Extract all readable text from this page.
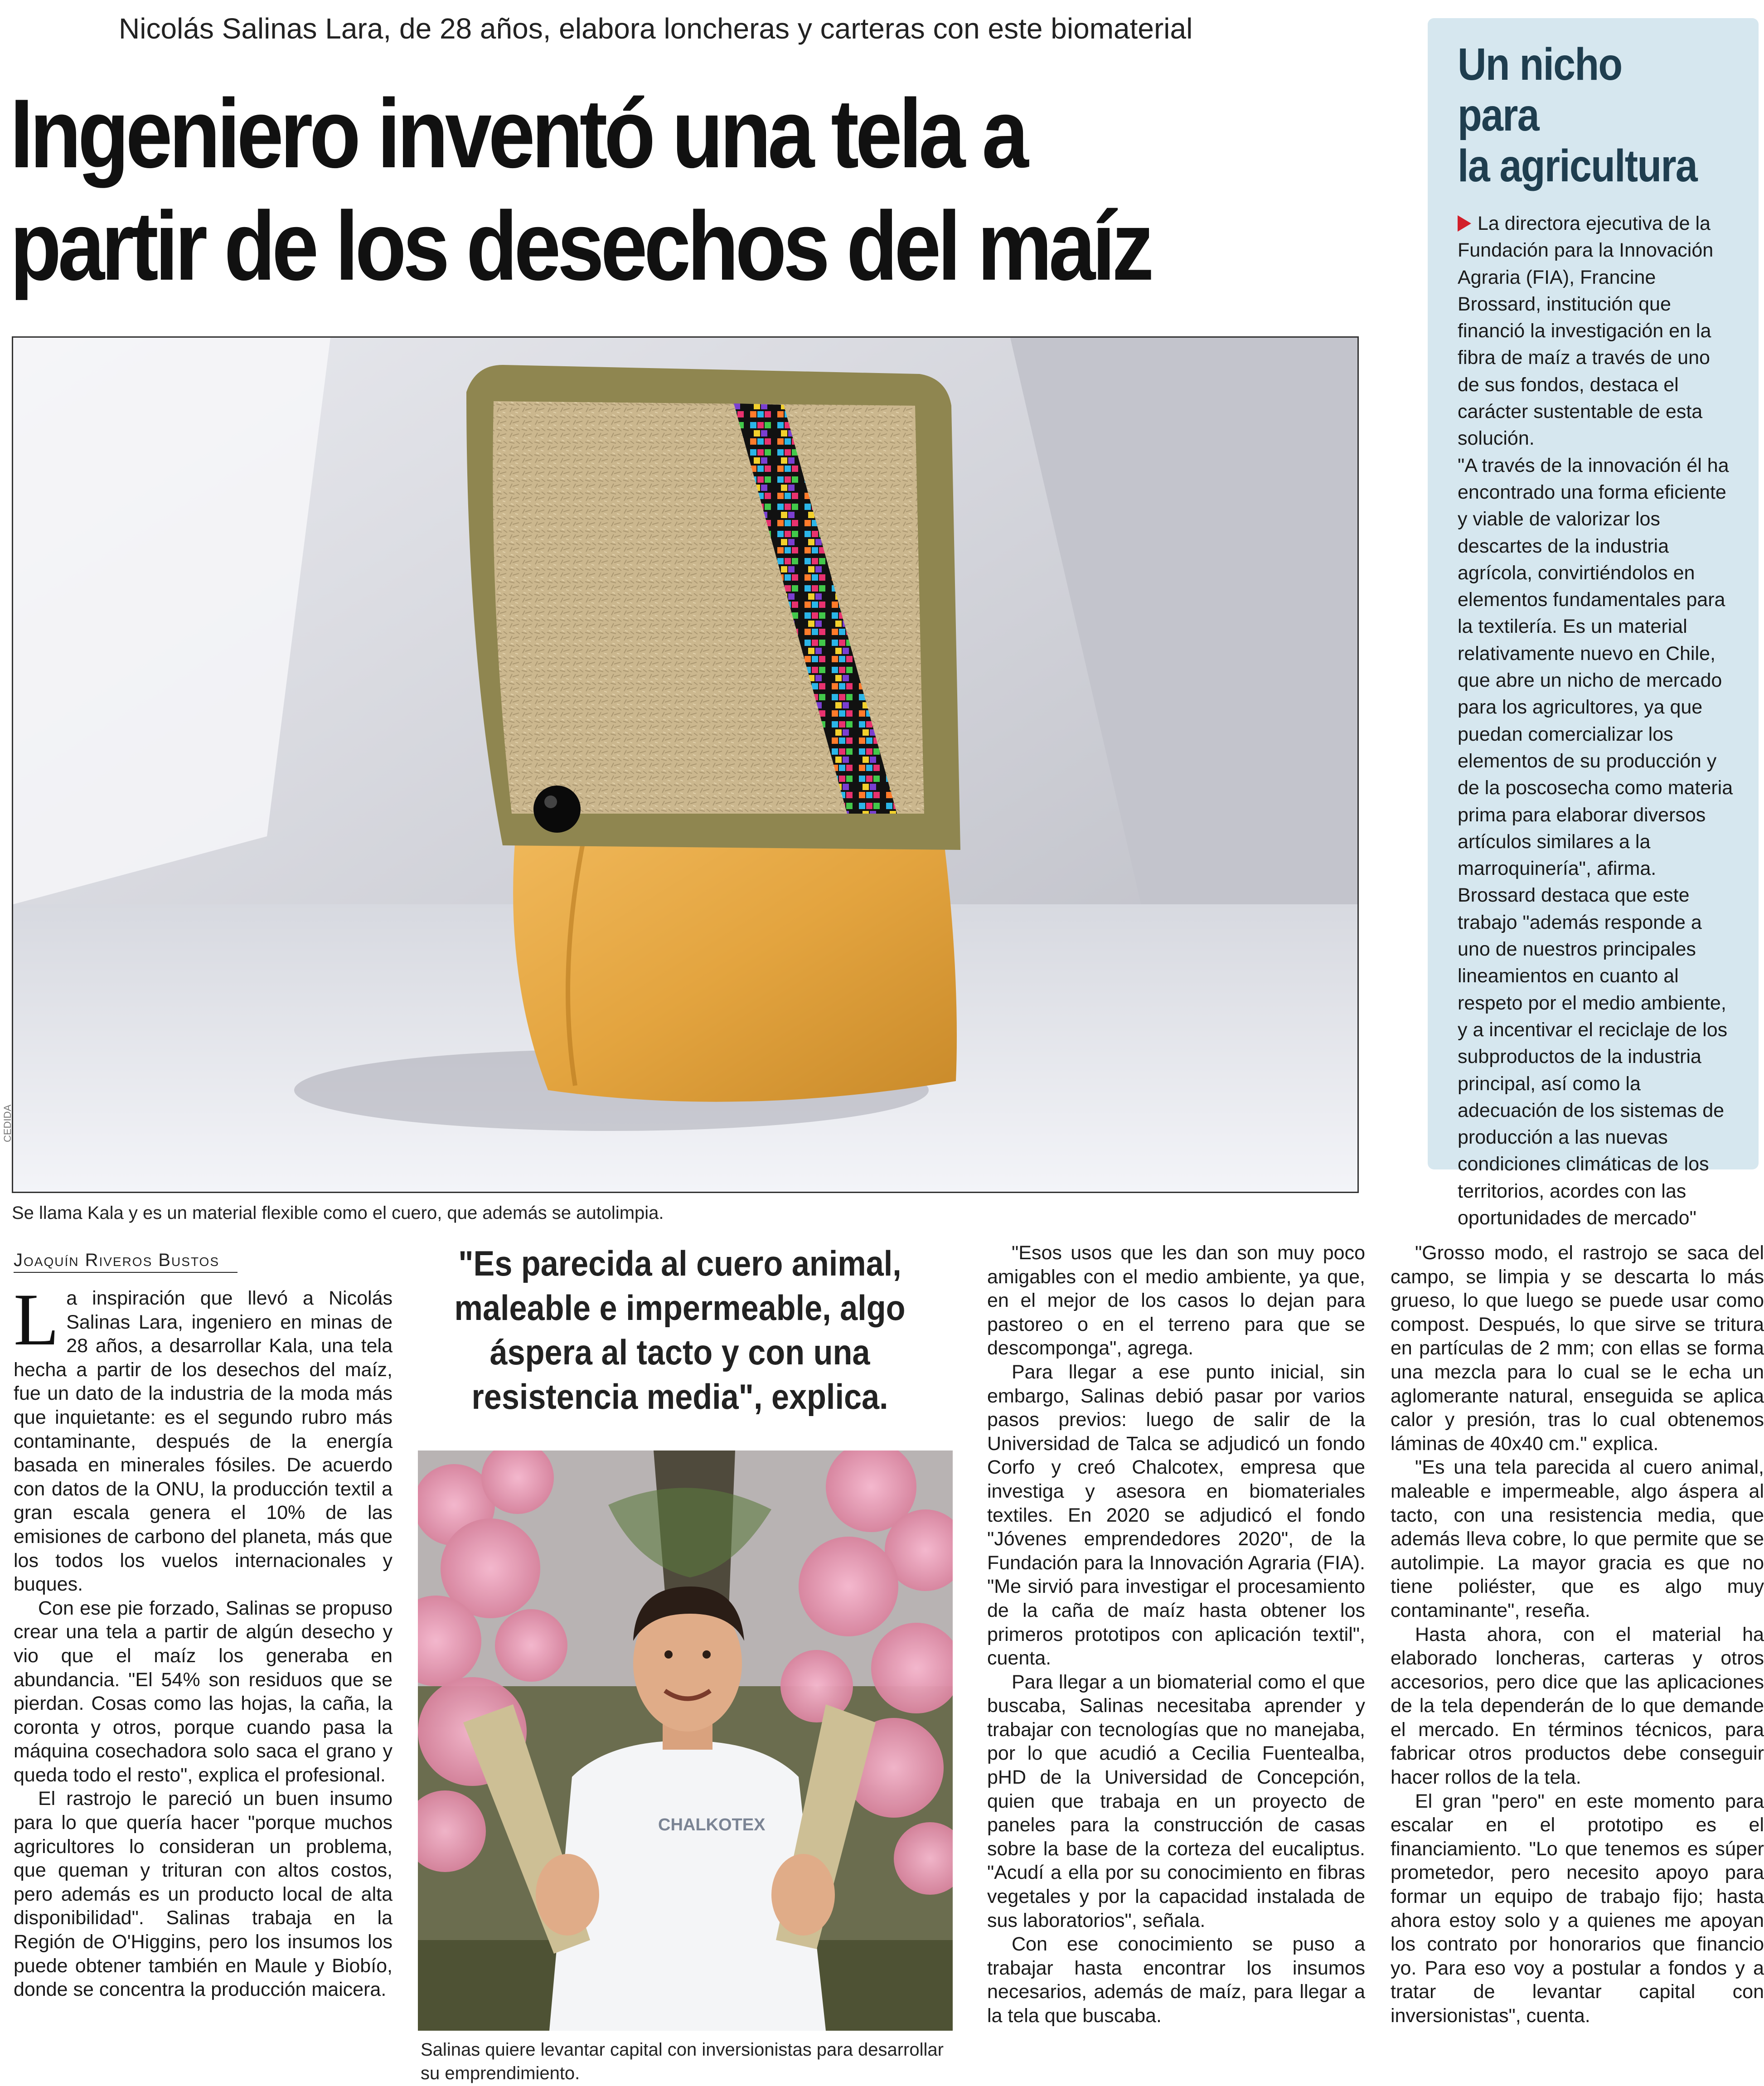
Nicolás Salinas Lara, de 28 años, elabora loncheras y carteras con este biomaterial
Ingeniero inventó una tela a
partir de los desechos del maíz
Un nicho para
la agricultura

La directora ejecutiva de la Fundación para la Innovación Agraria (FIA), Francine Brossard, institución que financió la investigación en la fibra de maíz a través de uno de sus fondos, destaca el carácter sustentable de esta solución.

"A través de la innovación él ha encontrado una forma eficiente y viable de valorizar los descartes de la industria agrícola, convirtiéndolos en elementos fundamentales para la textilería. Es un material relativamente nuevo en Chile, que abre un nicho de mercado para los agricultores, ya que puedan comercializar los elementos de su producción y de la poscosecha como materia prima para elaborar diversos artículos similares a la marroquinería", afirma.

Brossard destaca que este trabajo "además responde a uno de nuestros principales lineamientos en cuanto al respeto por el medio ambiente, y a incentivar el reciclaje de los subproductos de la industria principal, así como la adecuación de los sistemas de producción a las nuevas condiciones climáticas de los territorios, acordes con las oportunidades de mercado"

CEDIDA
Se llama Kala y es un material flexible como el cuero, que además se autolimpia.
Joaquín Riveros Bustos

La inspiración que llevó a Nicolás Salinas Lara, ingeniero en minas de 28 años, a desarrollar Kala, una tela hecha a partir de los desechos del maíz, fue un dato de la industria de la moda más que inquietante: es el segundo rubro más contaminante, después de la energía basada en minerales fósiles. De acuerdo con datos de la ONU, la producción textil a gran escala genera el 10% de las emisiones de carbono del planeta, más que los todos los vuelos internacionales y buques.

Con ese pie forzado, Salinas se propuso crear una tela a partir de algún desecho y vio que el maíz los generaba en abundancia. "El 54% son residuos que se pierdan. Cosas como las hojas, la caña, la coronta y otros, porque cuando pasa la máquina cosechadora solo saca el grano y queda todo el resto", explica el profesional.

El rastrojo le pareció un buen insumo para lo que quería hacer "porque muchos agricultores lo consideran un problema, que queman y trituran con altos costos, pero además es un producto local de alta disponibilidad". Salinas trabaja en la Región de O'Higgins, pero los insumos los puede obtener también en Maule y Biobío, donde se concentra la producción maicera.

"Es parecida al cuero animal, maleable e impermeable, algo áspera al tacto y con una resistencia media", explica.
CHALKOTEX
Salinas quiere levantar capital con inversionistas para desarrollar su emprendimiento.

"Esos usos que les dan son muy poco amigables con el medio ambiente, ya que, en el mejor de los casos lo dejan para pastoreo o en el terreno para que se descomponga", agrega.

Para llegar a ese punto inicial, sin embargo, Salinas debió pasar por varios pasos previos: luego de salir de la Universidad de Talca se adjudicó un fondo Corfo y creó Chalcotex, empresa que investiga y asesora en biomateriales textiles. En 2020 se adjudicó el fondo "Jóvenes emprendedores 2020", de la Fundación para la Innovación Agraria (FIA). "Me sirvió para investigar el procesamiento de la caña de maíz hasta obtener los primeros prototipos con aplicación textil", cuenta.

Para llegar a un biomaterial como el que buscaba, Salinas necesitaba aprender y trabajar con tecnologías que no manejaba, por lo que acudió a Cecilia Fuentealba, pHD de la Universidad de Concepción, quien que trabaja en un proyecto de paneles para la construcción de casas sobre la base de la corteza del eucaliptus. "Acudí a ella por su conocimiento en fibras vegetales y por la capacidad instalada de sus laboratorios", señala.

Con ese conocimiento se puso a trabajar hasta encontrar los insumos necesarios, además de maíz, para llegar a la tela que buscaba.

"Grosso modo, el rastrojo se saca del campo, se limpia y se descarta lo más grueso, lo que luego se puede usar como compost. Después, lo que sirve se tritura en partículas de 2 mm; con ellas se forma una mezcla para lo cual se le echa un aglomerante natural, enseguida se aplica calor y presión, tras lo cual obtenemos láminas de 40x40 cm." explica.

"Es una tela parecida al cuero animal, maleable e impermeable, algo áspera al tacto, con una resistencia media, que además lleva cobre, lo que permite que se autolimpie. La mayor gracia es que no tiene poliéster, que es algo muy contaminante", reseña.

Hasta ahora, con el material ha elaborado loncheras, carteras y otros accesorios, pero dice que las aplicaciones de la tela dependerán de lo que demande el mercado. En términos técnicos, para fabricar otros productos debe conseguir hacer rollos de la tela.

El gran "pero" en este momento para escalar en el prototipo es el financiamiento. "Lo que tenemos es súper prometedor, pero necesito apoyo para formar un equipo de trabajo fijo; hasta ahora estoy solo y a quienes me apoyan los contrato por honorarios que financio yo. Para eso voy a postular a fondos y a tratar de levantar capital con inversionistas", cuenta.
